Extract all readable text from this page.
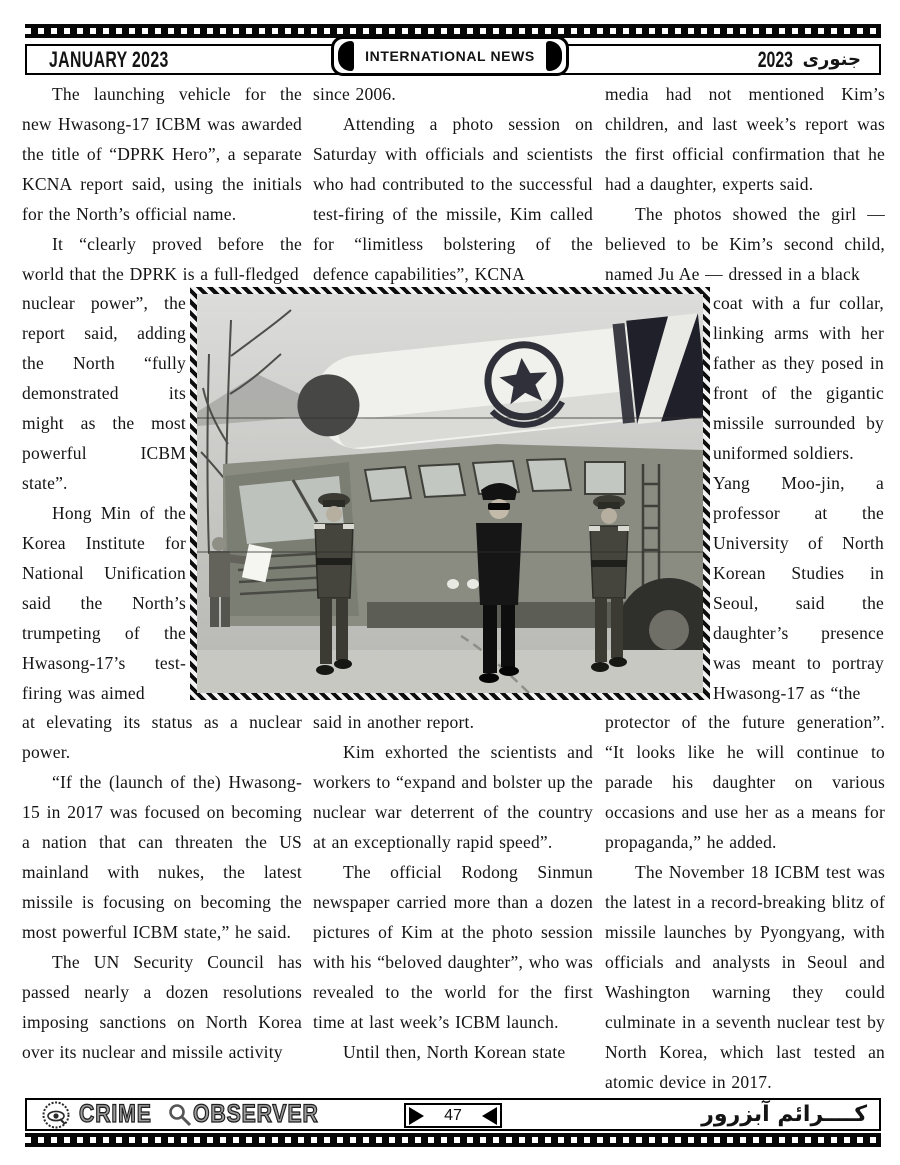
JANUARY 2023	2023 جنوری
INTERNATIONAL NEWS

The launching vehicle for the new Hwasong-17 ICBM was awarded the title of “DPRK Hero”, a separate KCNA report said, using the initials for the North’s official name.

It “clearly proved before the world that the DPRK is a full-fledged

nuclear power”, the report said, adding the North “fully demonstrated its might as the most powerful ICBM state”.

Hong Min of the Korea Institute for National Unification said the North’s trumpeting of the Hwasong-17’s test-firing was aimed

at elevating its status as a nuclear power.

“If the (launch of the) Hwasong-15 in 2017 was focused on becoming a nation that can threaten the US mainland with nukes, the latest missile is focusing on becoming the most powerful ICBM state,” he said.

The UN Security Council has passed nearly a dozen resolutions imposing sanctions on North Korea over its nuclear and missile activity

since 2006.

Attending a photo session on Saturday with officials and scientists who had contributed to the successful test-firing of the missile, Kim called for “limitless bolstering of the defence capabilities”, KCNA

said in another report.

Kim exhorted the scientists and workers to “expand and bolster up the nuclear war deterrent of the country at an exceptionally rapid speed”.

The official Rodong Sinmun newspaper carried more than a dozen pictures of Kim at the photo session with his “beloved daughter”, who was revealed to the world for the first time at last week’s ICBM launch.

Until then, North Korean state

media had not mentioned Kim’s children, and last week’s report was the first official confirmation that he had a daughter, experts said.

The photos showed the girl — believed to be Kim’s second child, named Ju Ae — dressed in a black

coat with a fur collar, linking arms with her father as they posed in front of the gigantic missile surrounded by uniformed soldiers.

Yang Moo-jin, a professor at the University of North Korean Studies in Seoul, said the daughter’s presence was meant to portray Hwasong-17 as “the

protector of the future generation”. “It looks like he will continue to parade his daughter on various occasions and use her as a means for propaganda,” he added.

The November 18 ICBM test was the latest in a record-breaking blitz of missile launches by Pyongyang, with officials and analysts in Seoul and Washington warning they could culminate in a seventh nuclear test by North Korea, which last tested an atomic device in 2017.

CRIME OBSERVER	47	کــــرائم آبزرور
